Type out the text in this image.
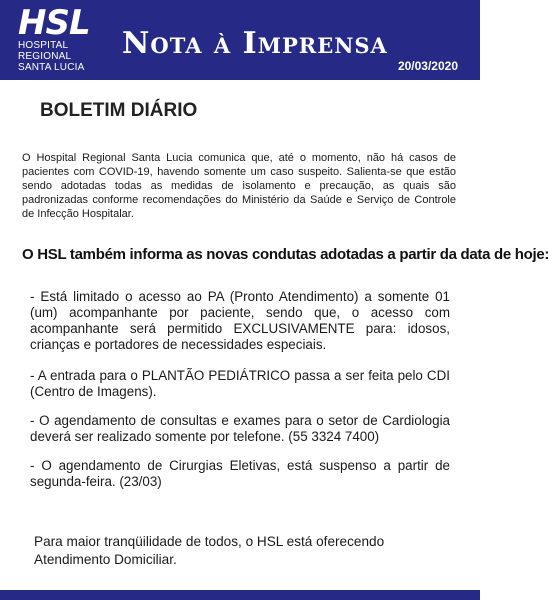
HSL
HOSPITAL
REGIONAL
SANTA LUCIA
Nota à Imprensa
20/03/2020
BOLETIM DIÁRIO

O Hospital Regional Santa Lucia comunica que, até o momento, não há casos de pacientes com COVID-19, havendo somente um caso suspeito. Salienta-se que estão sendo adotadas todas as medidas de isolamento e precaução, as quais são padronizadas conforme recomendações do Ministério da Saúde e Serviço de Controle de Infecção Hospitalar.

O HSL também informa as novas condutas adotadas a partir da data de hoje:

- Está limitado o acesso ao PA (Pronto Atendimento) a somente 01 (um) acompanhante por paciente, sendo que, o acesso com acompanhante será permitido EXCLUSIVAMENTE para: idosos, crianças e portadores de necessidades especiais.

- A entrada para o PLANTÃO PEDIÁTRICO passa a ser feita pelo CDI (Centro de Imagens).

- O agendamento de consultas e exames para o setor de Cardiologia deverá ser realizado somente por telefone. (55 3324 7400)

- O agendamento de Cirurgias Eletivas, está suspenso a partir de segunda-feira. (23/03)

Para maior tranqüilidade de todos, o HSL está oferecendo Atendimento Domiciliar.
